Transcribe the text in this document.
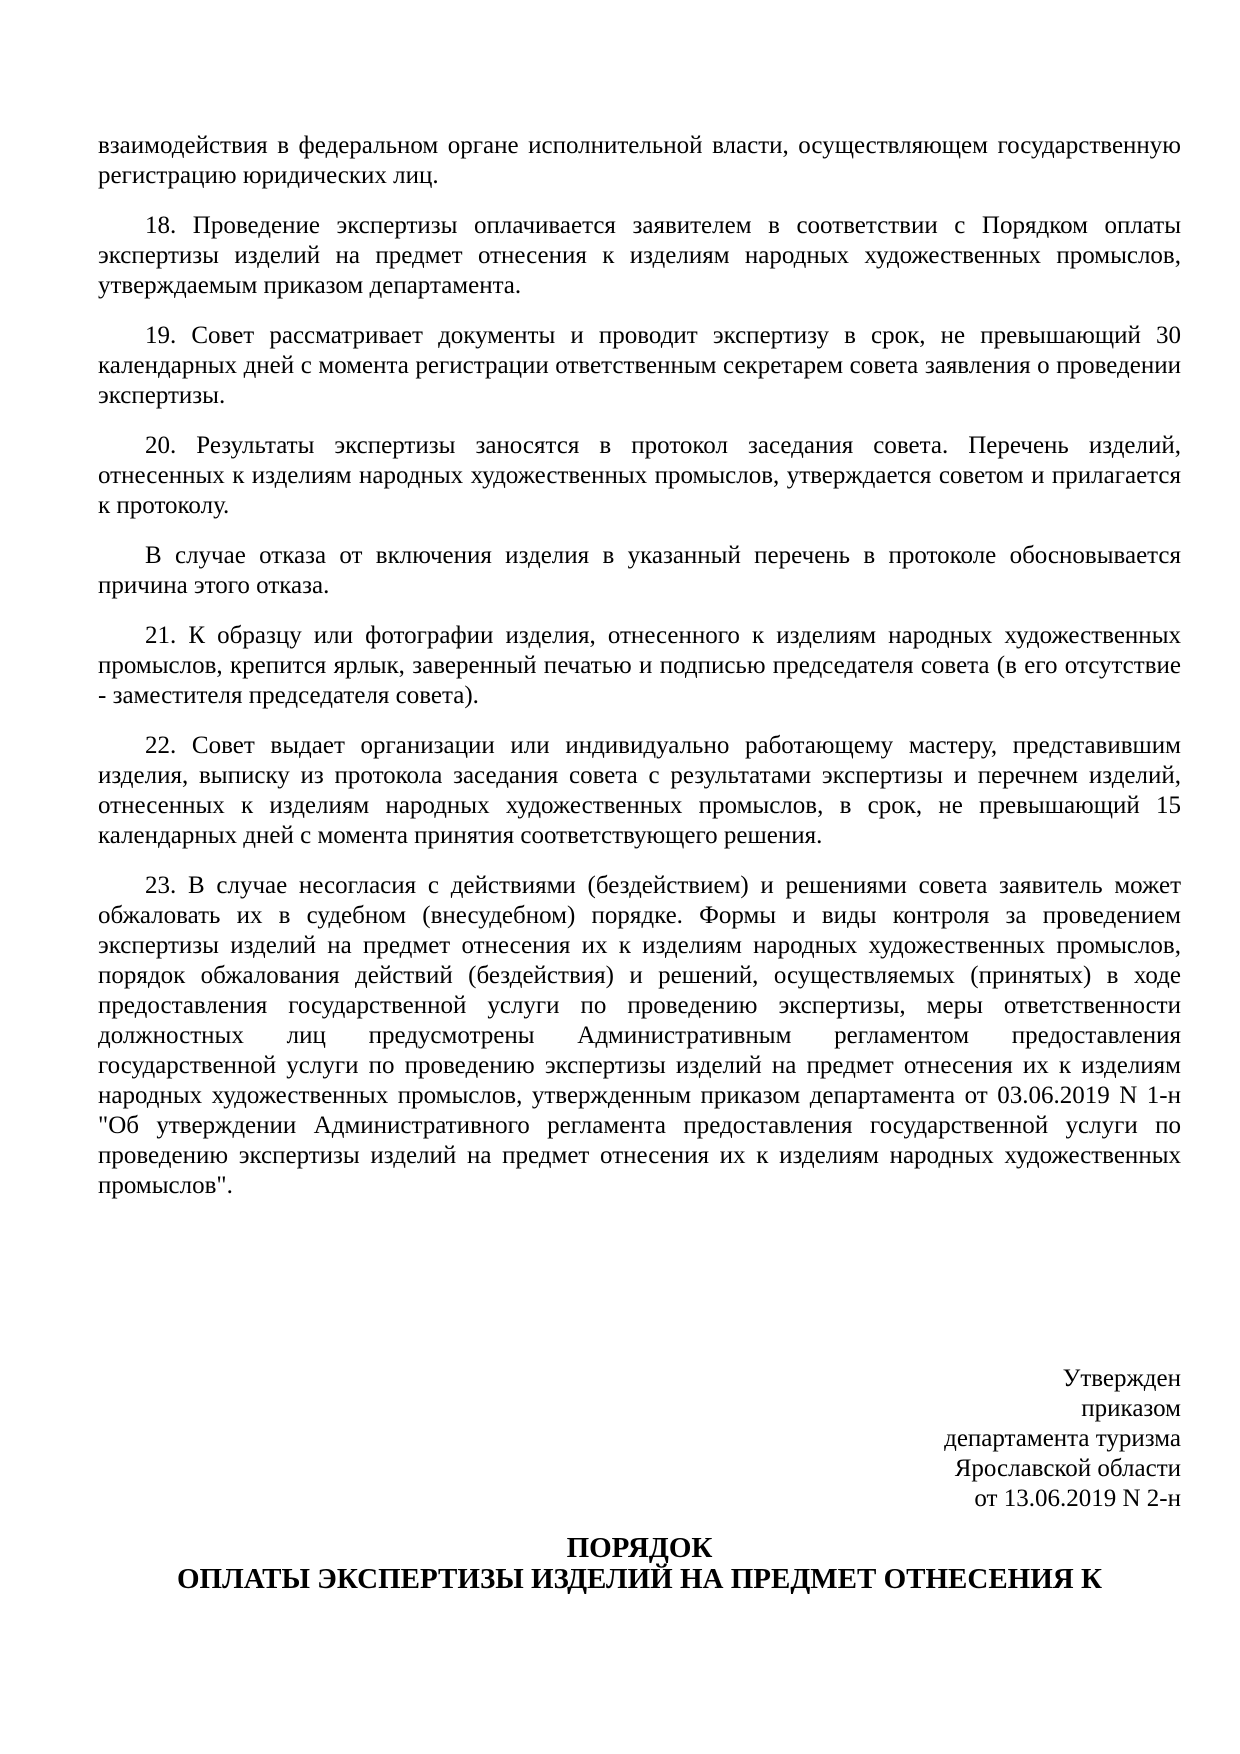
взаимодействия в федеральном органе исполнительной власти, осуществляющем государственную регистрацию юридических лиц.

18. Проведение экспертизы оплачивается заявителем в соответствии с Порядком оплаты экспертизы изделий на предмет отнесения к изделиям народных художественных промыслов, утверждаемым приказом департамента.

19. Совет рассматривает документы и проводит экспертизу в срок, не превышающий 30 календарных дней с момента регистрации ответственным секретарем совета заявления о проведении экспертизы.

20. Результаты экспертизы заносятся в протокол заседания совета. Перечень изделий, отнесенных к изделиям народных художественных промыслов, утверждается советом и прилагается к протоколу.

В случае отказа от включения изделия в указанный перечень в протоколе обосновывается причина этого отказа.

21. К образцу или фотографии изделия, отнесенного к изделиям народных художественных промыслов, крепится ярлык, заверенный печатью и подписью председателя совета (в его отсутствие - заместителя председателя совета).

22. Совет выдает организации или индивидуально работающему мастеру, представившим изделия, выписку из протокола заседания совета с результатами экспертизы и перечнем изделий, отнесенных к изделиям народных художественных промыслов, в срок, не превышающий 15 календарных дней с момента принятия соответствующего решения.

23. В случае несогласия с действиями (бездействием) и решениями совета заявитель может обжаловать их в судебном (внесудебном) порядке. Формы и виды контроля за проведением экспертизы изделий на предмет отнесения их к изделиям народных художественных промыслов, порядок обжалования действий (бездействия) и решений, осуществляемых (принятых) в ходе предоставления государственной услуги по проведению экспертизы, меры ответственности должностных лиц предусмотрены Административным регламентом предоставления государственной услуги по проведению экспертизы изделий на предмет отнесения их к изделиям народных художественных промыслов, утвержденным приказом департамента от 03.06.2019 N 1-н "Об утверждении Административного регламента предоставления государственной услуги по проведению экспертизы изделий на предмет отнесения их к изделиям народных художественных промыслов".

Утвержден
приказом
департамента туризма
Ярославской области
от 13.06.2019 N 2-н
ПОРЯДОК
ОПЛАТЫ ЭКСПЕРТИЗЫ ИЗДЕЛИЙ НА ПРЕДМЕТ ОТНЕСЕНИЯ К
